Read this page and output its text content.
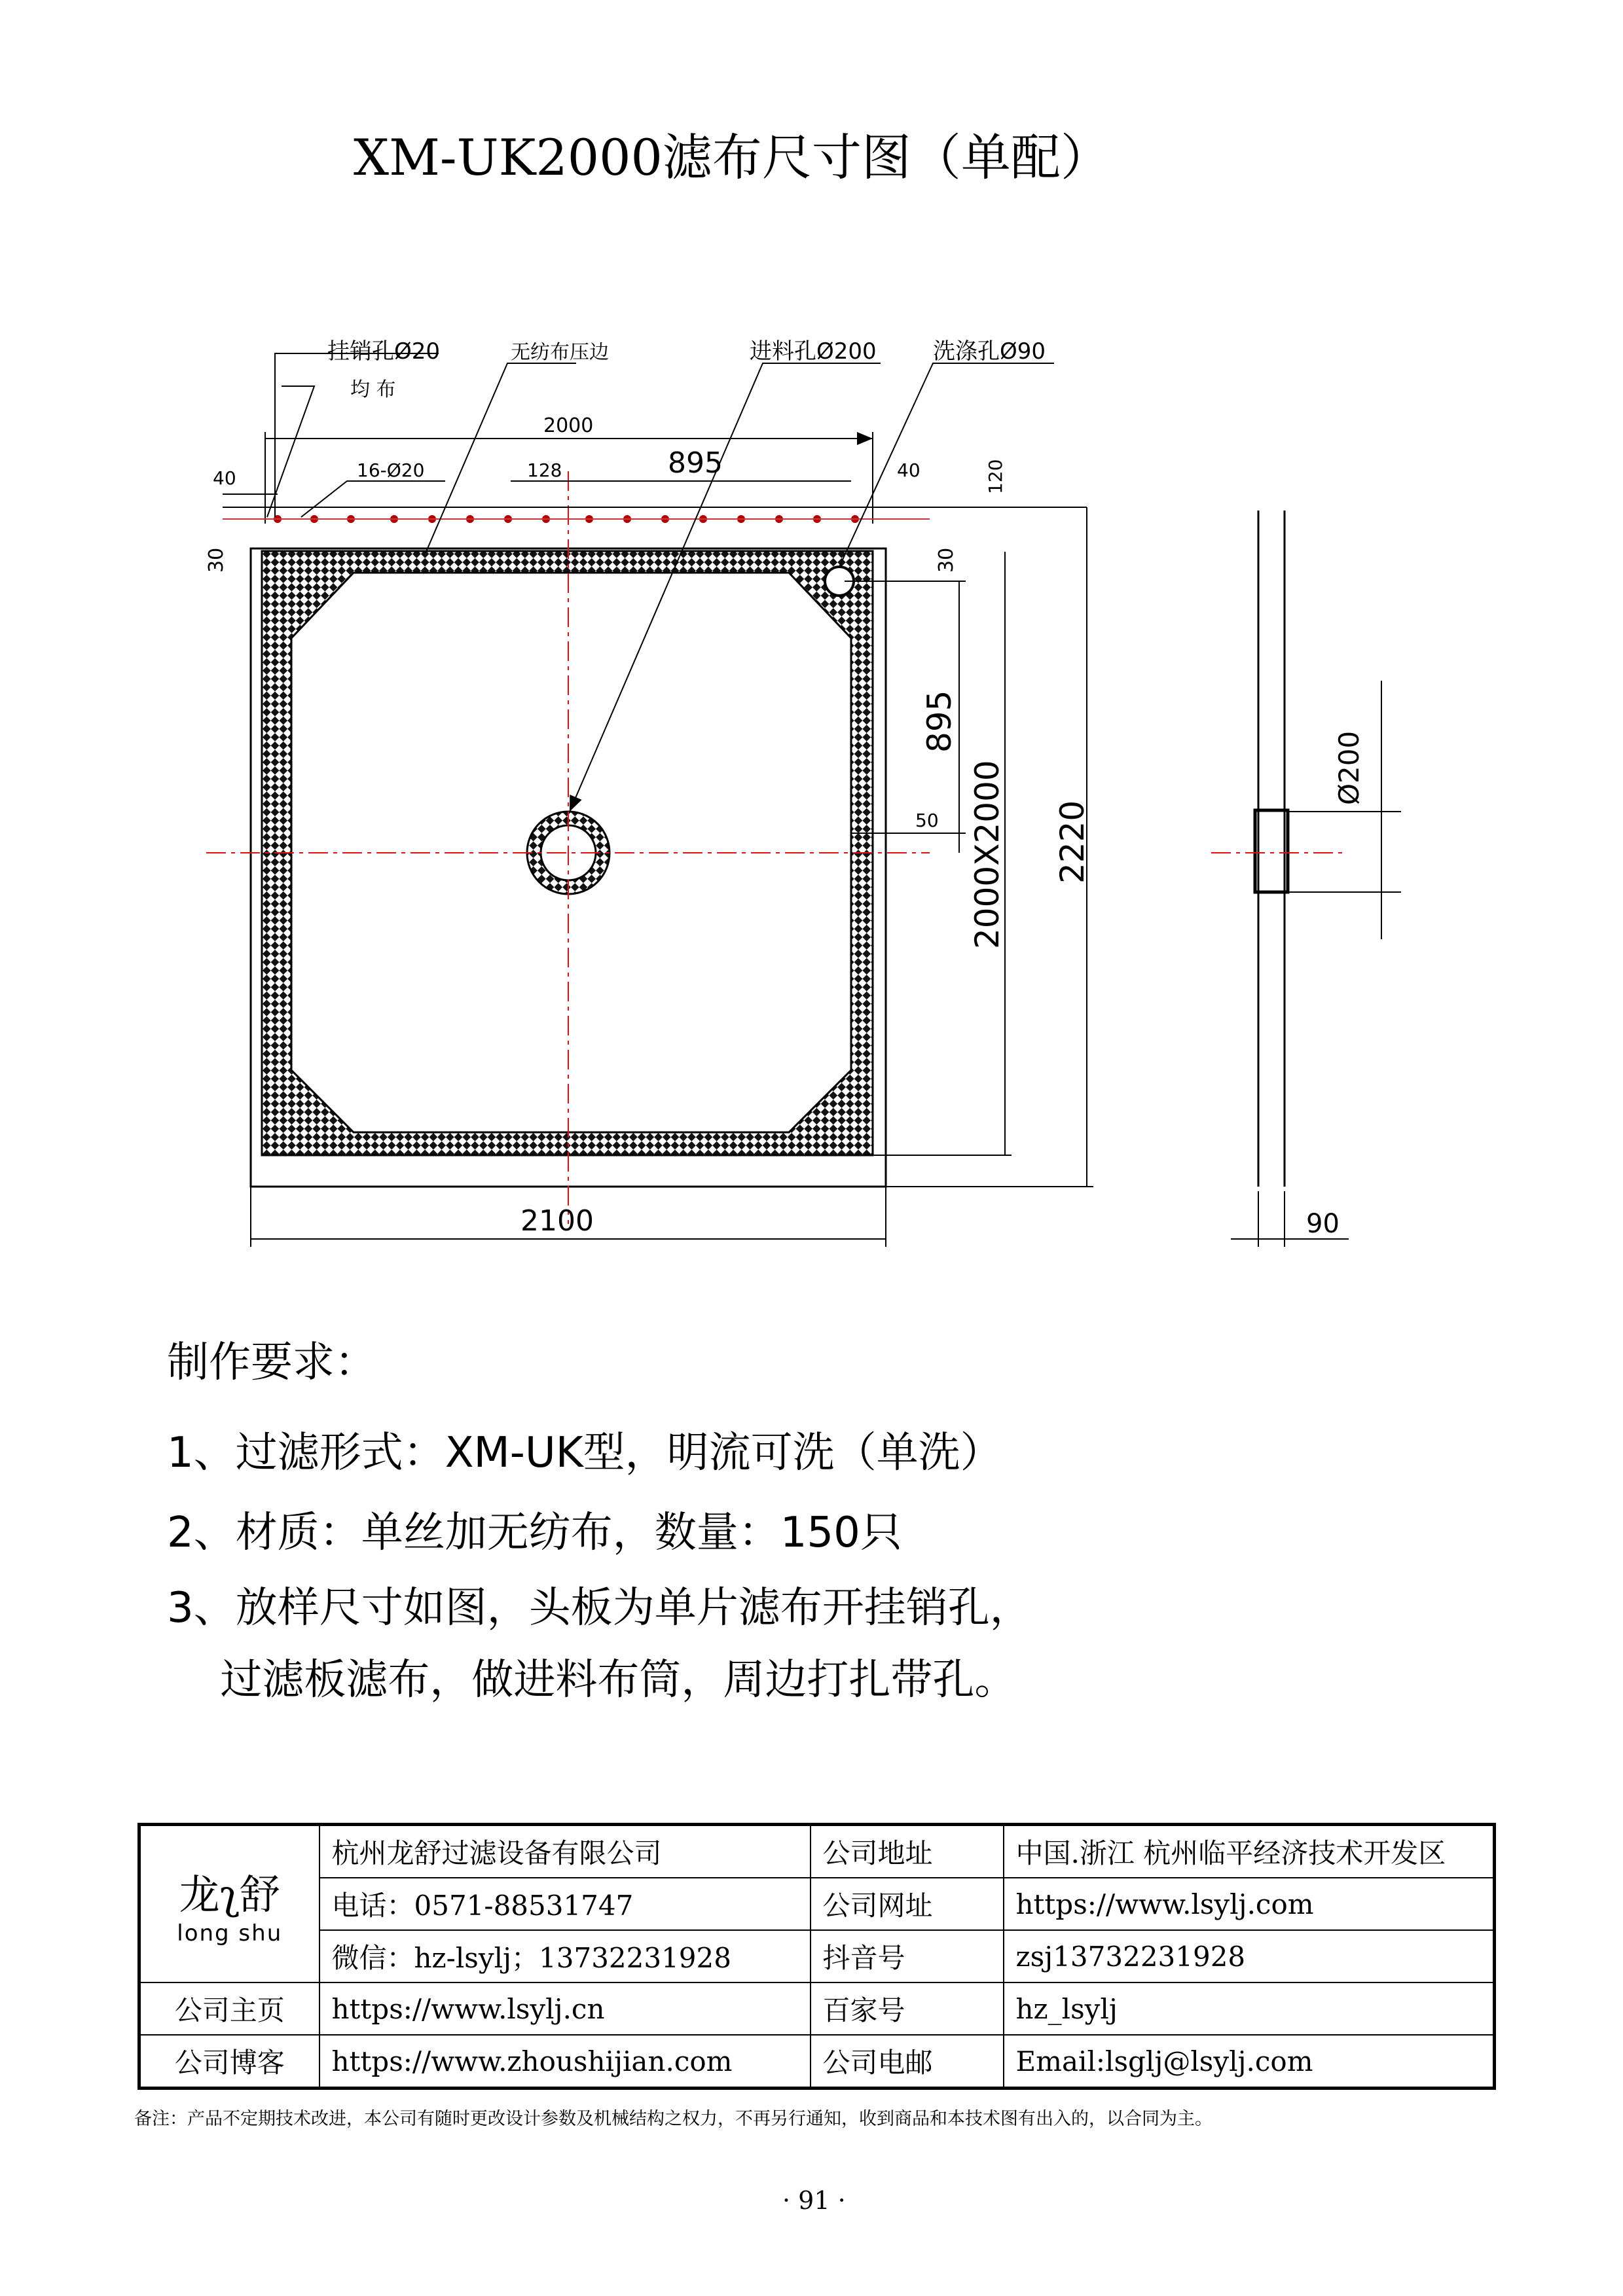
XM-UK2000滤布尺寸图（单配）
挂销孔Ø20
均 布
无纺布压边	进料孔Ø200	洗涤孔Ø90
16-Ø20
2000
895
128
40	40
50
2100	90
30	30
120
895
2000X2000 2220
Ø200
制作要求：
1、过滤形式：XM-UK型，明流可洗（单洗）
2、材质：单丝加无纺布，数量：150只
3、放样尺寸如图，头板为单片滤布开挂销孔，
过滤板滤布，做进料布筒，周边打扎带孔。
龙ʅ舒
long shu	杭州龙舒过滤设备有限公司	公司地址	中国.浙江 杭州临平经济技术开发区
	电话：0571-88531747	公司网址	https://www.lsylj.com
	微信：hz-lsylj；13732231928	抖音号	zsj13732231928
公司主页	https://www.lsylj.cn	百家号	hz_lsylj
公司博客	https://www.zhoushijian.com	公司电邮	Email:lsglj@lsylj.com
备注：产品不定期技术改进，本公司有随时更改设计参数及机械结构之权力，不再另行通知，收到商品和本技术图有出入的，以合同为主。
· 91 ·
